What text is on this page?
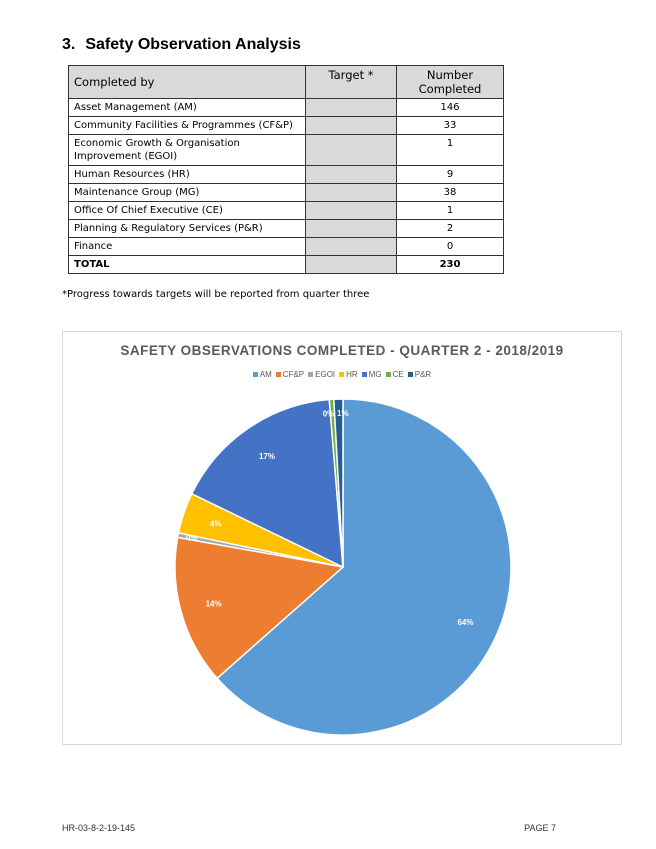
3. Safety Observation Analysis
Completed by	Target *	Number
Completed
Asset Management (AM)		146
Community Facilities & Programmes (CF&P)		33
Economic Growth & Organisation
Improvement (EGOI)		1
Human Resources (HR)		9
Maintenance Group (MG)		38
Office Of Chief Executive (CE)		1
Planning & Regulatory Services (P&R)		2
Finance		0
TOTAL		230
*Progress towards targets will be reported from quarter three
SAFETY OBSERVATIONS COMPLETED - QUARTER 2 - 2018/2019
AM CF&P EGOI HR MG CE P&R
64%
14%
0%
4%
17%
0% 1%
HR-03-8-2-19-145	PAGE 7
